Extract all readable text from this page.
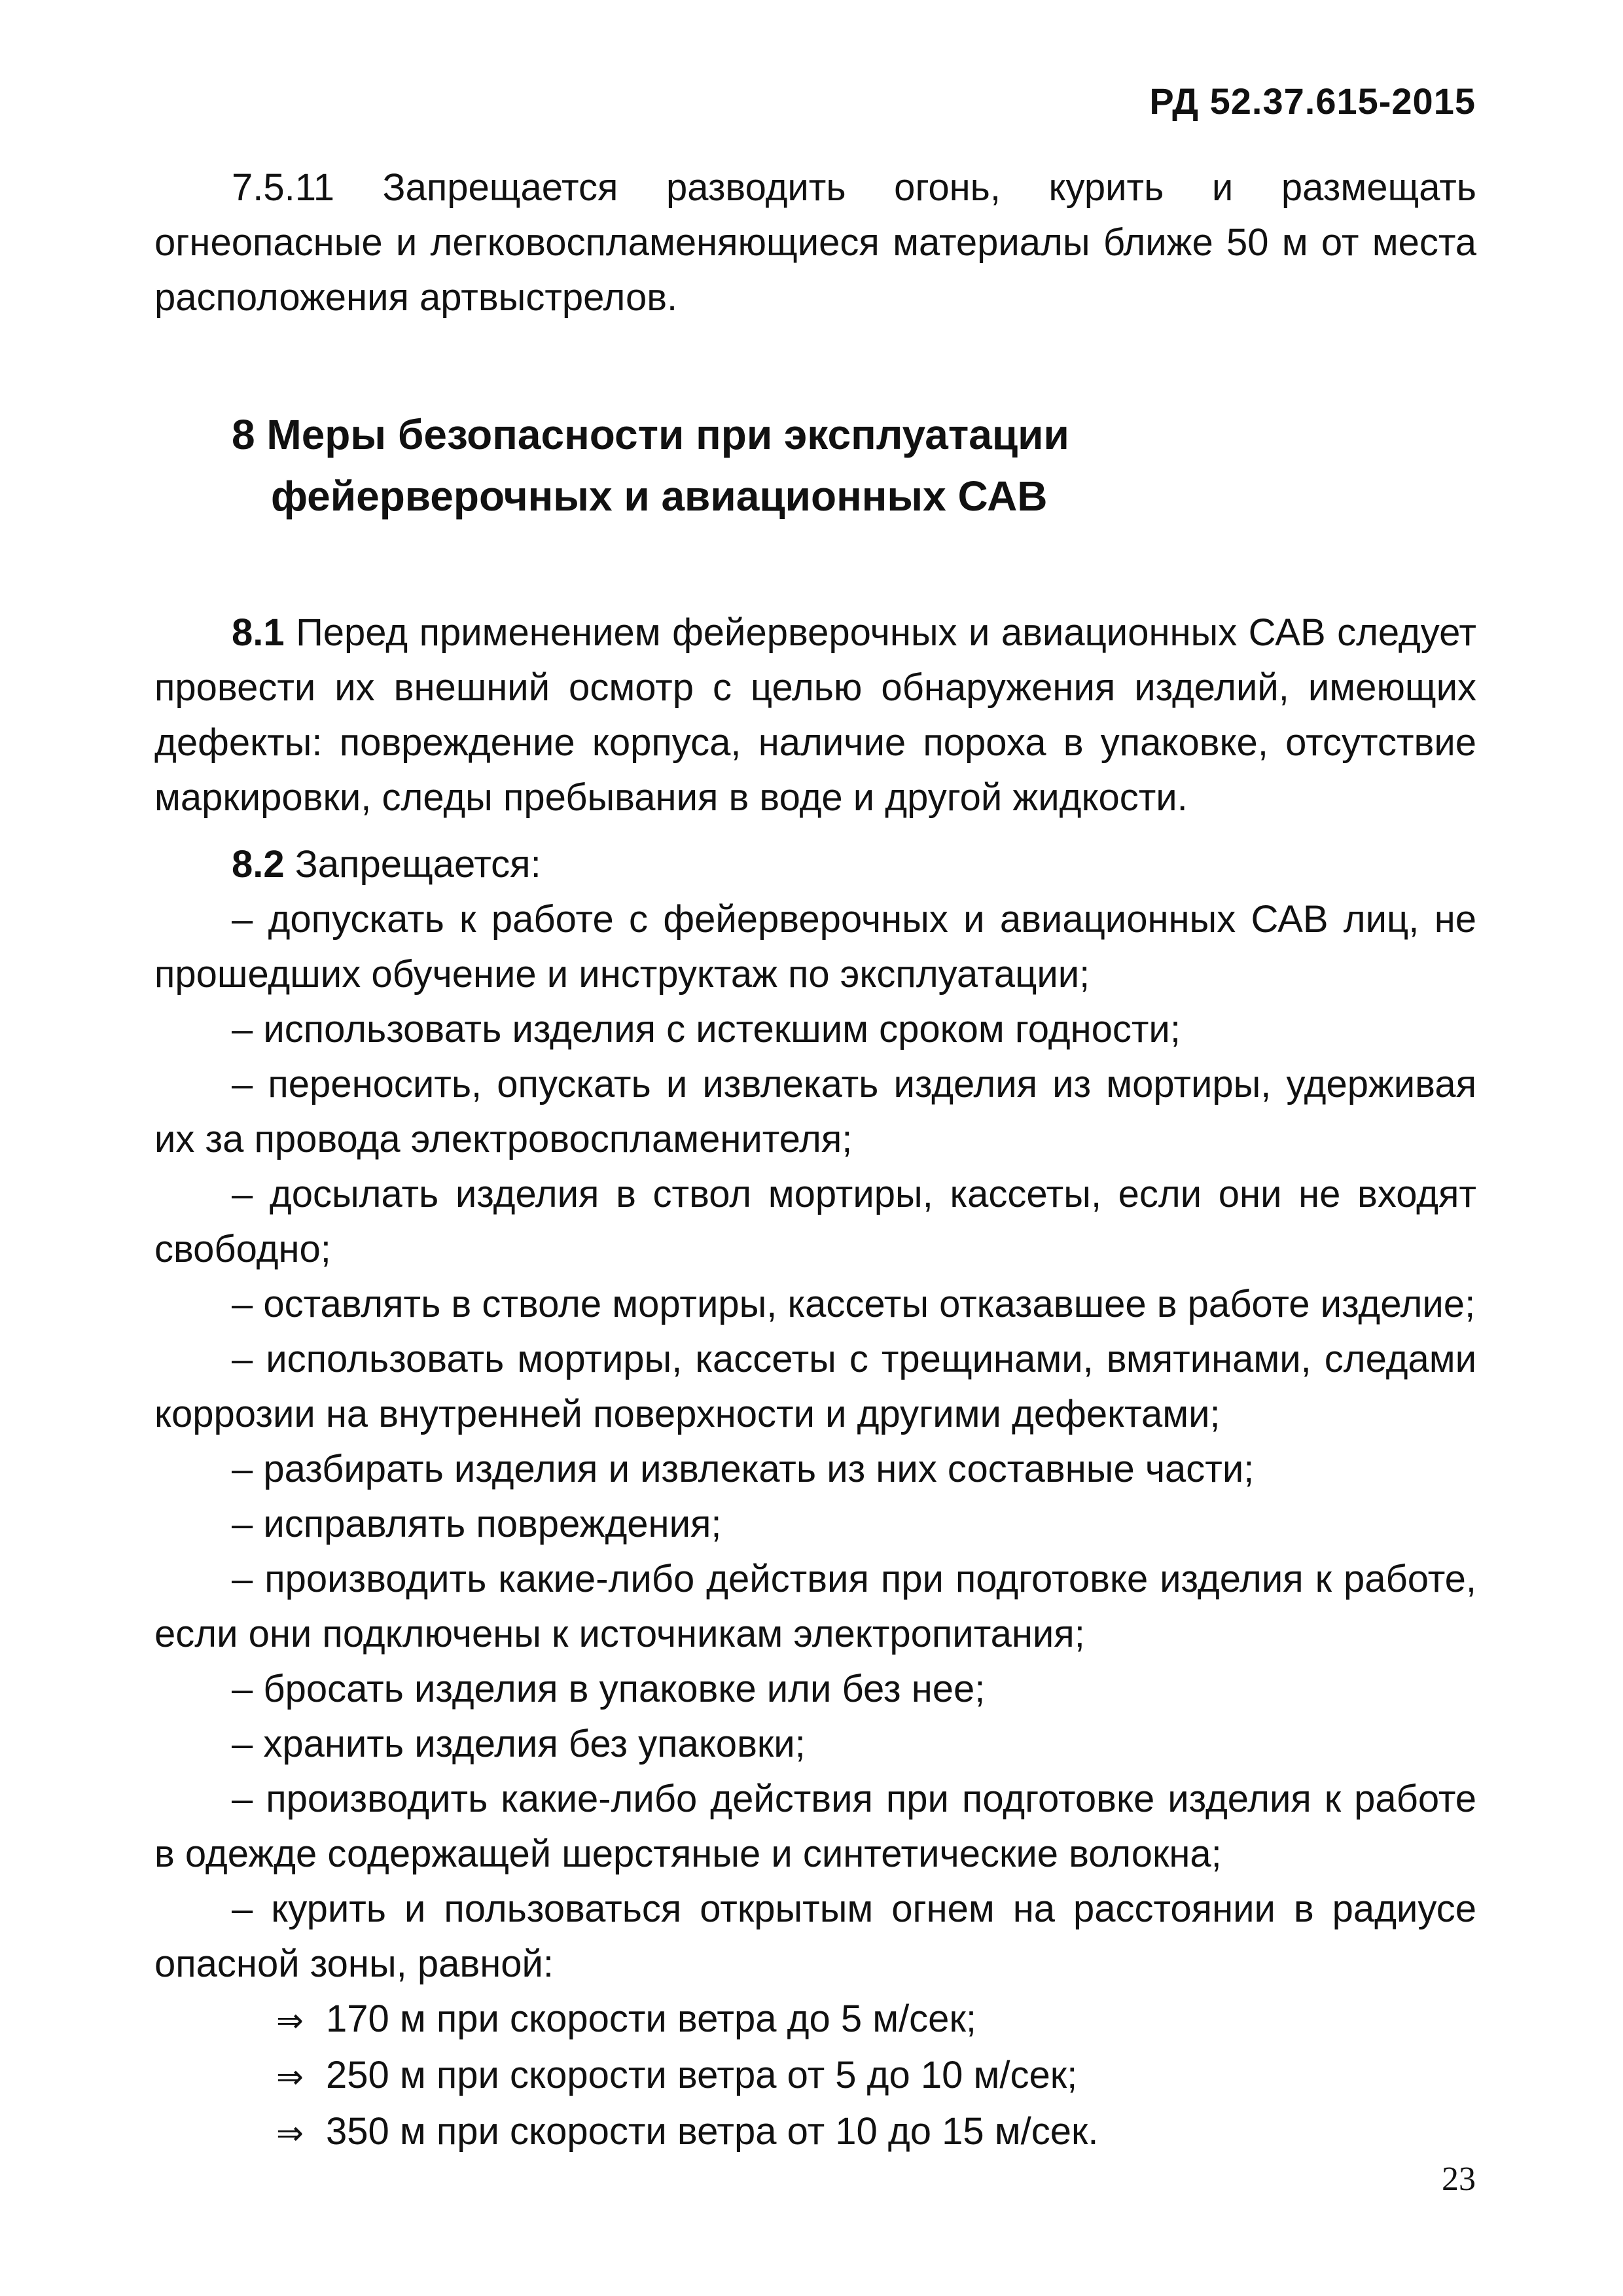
РД 52.37.615-2015

7.5.11 Запрещается разводить огонь, курить и размещать огнеопасные и легковоспламеняющиеся материалы ближе 50 м от места расположения артвыстрелов.

8 Меры безопасности при эксплуатации
фейерверочных и авиационных САВ

8.1 Перед применением фейерверочных и авиационных САВ следует провести их внешний осмотр с целью обнаружения изделий, имеющих дефекты: повреждение корпуса, наличие пороха в упаковке, отсутствие маркировки, следы пребывания в воде и другой жидкости.

8.2 Запрещается:

– допускать к работе с фейерверочных и авиационных САВ лиц, не прошедших обучение и инструктаж по эксплуатации;

– использовать изделия с истекшим сроком годности;

– переносить, опускать и извлекать изделия из мортиры, удерживая их за провода электровоспламенителя;

– досылать изделия в ствол мортиры, кассеты, если они не входят свободно;

– оставлять в стволе мортиры, кассеты отказавшее в работе изделие;

– использовать мортиры, кассеты с трещинами, вмятинами, следами коррозии на внутренней поверхности и другими дефектами;

– разбирать изделия и извлекать из них составные части;

– исправлять повреждения;

– производить какие-либо действия при подготовке изделия к работе, если они подключены к источникам электропитания;

– бросать изделия в упаковке или без нее;

– хранить изделия без упаковки;

– производить какие-либо действия при подготовке изделия к работе в одежде содержащей шерстяные и синтетические волокна;

– курить и пользоваться открытым огнем на расстоянии в радиусе опасной зоны, равной:

⇒ 170 м при скорости ветра до 5 м/сек;
⇒ 250 м при скорости ветра от 5 до 10 м/сек;
⇒ 350 м при скорости ветра от 10 до 15 м/сек.
23
